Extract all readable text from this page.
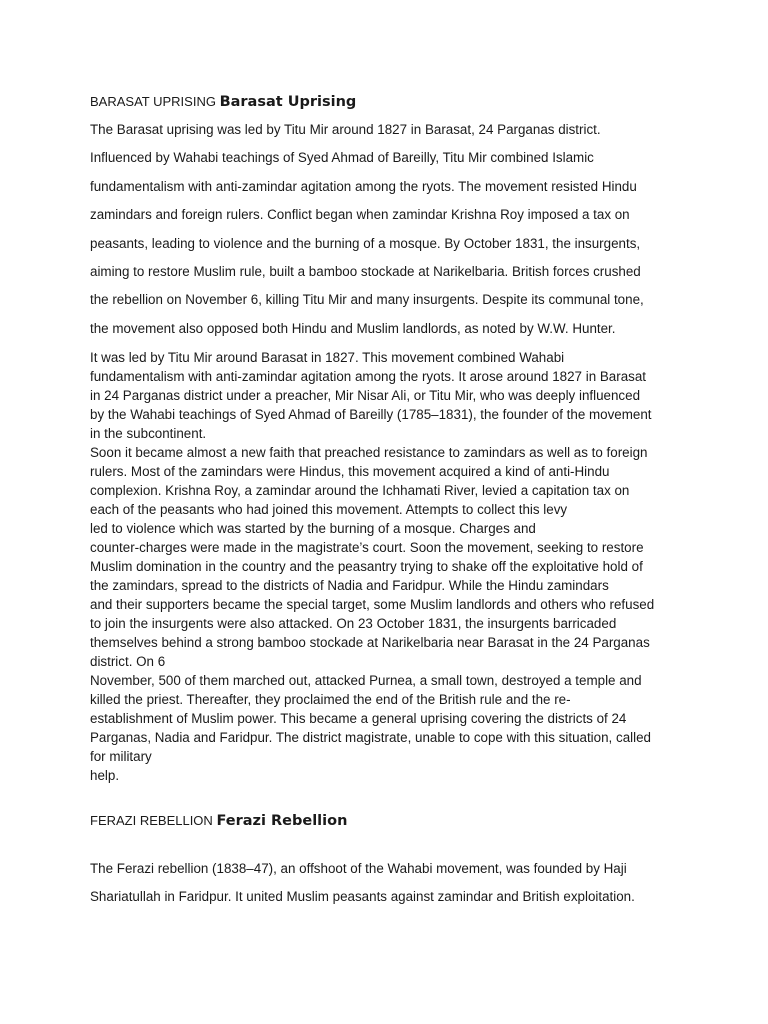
BARASAT UPRISING Barasat Uprising
The Barasat uprising was led by Titu Mir around 1827 in Barasat, 24 Parganas district.
Influenced by Wahabi teachings of Syed Ahmad of Bareilly, Titu Mir combined Islamic
fundamentalism with anti-zamindar agitation among the ryots. The movement resisted Hindu
zamindars and foreign rulers. Conflict began when zamindar Krishna Roy imposed a tax on
peasants, leading to violence and the burning of a mosque. By October 1831, the insurgents,
aiming to restore Muslim rule, built a bamboo stockade at Narikelbaria. British forces crushed
the rebellion on November 6, killing Titu Mir and many insurgents. Despite its communal tone,
the movement also opposed both Hindu and Muslim landlords, as noted by W.W. Hunter.
It was led by Titu Mir around Barasat in 1827. This movement combined Wahabi
fundamentalism with anti-zamindar agitation among the ryots. It arose around 1827 in Barasat
in 24 Parganas district under a preacher, Mir Nisar Ali, or Titu Mir, who was deeply influenced
by the Wahabi teachings of Syed Ahmad of Bareilly (1785–1831), the founder of the movement
in the subcontinent.
Soon it became almost a new faith that preached resistance to zamindars as well as to foreign
rulers. Most of the zamindars were Hindus, this movement acquired a kind of anti-Hindu
complexion. Krishna Roy, a zamindar around the Ichhamati River, levied a capitation tax on
each of the peasants who had joined this movement. Attempts to collect this levy
led to violence which was started by the burning of a mosque. Charges and
counter-charges were made in the magistrate’s court. Soon the movement, seeking to restore
Muslim domination in the country and the peasantry trying to shake off the exploitative hold of
the zamindars, spread to the districts of Nadia and Faridpur. While the Hindu zamindars
and their supporters became the special target, some Muslim landlords and others who refused
to join the insurgents were also attacked. On 23 October 1831, the insurgents barricaded
themselves behind a strong bamboo stockade at Narikelbaria near Barasat in the 24 Parganas
district. On 6
November, 500 of them marched out, attacked Purnea, a small town, destroyed a temple and
killed the priest. Thereafter, they proclaimed the end of the British rule and the re-
establishment of Muslim power. This became a general uprising covering the districts of 24
Parganas, Nadia and Faridpur. The district magistrate, unable to cope with this situation, called
for military
help.
FERAZI REBELLION Ferazi Rebellion
The Ferazi rebellion (1838–47), an offshoot of the Wahabi movement, was founded by Haji
Shariatullah in Faridpur. It united Muslim peasants against zamindar and British exploitation.
